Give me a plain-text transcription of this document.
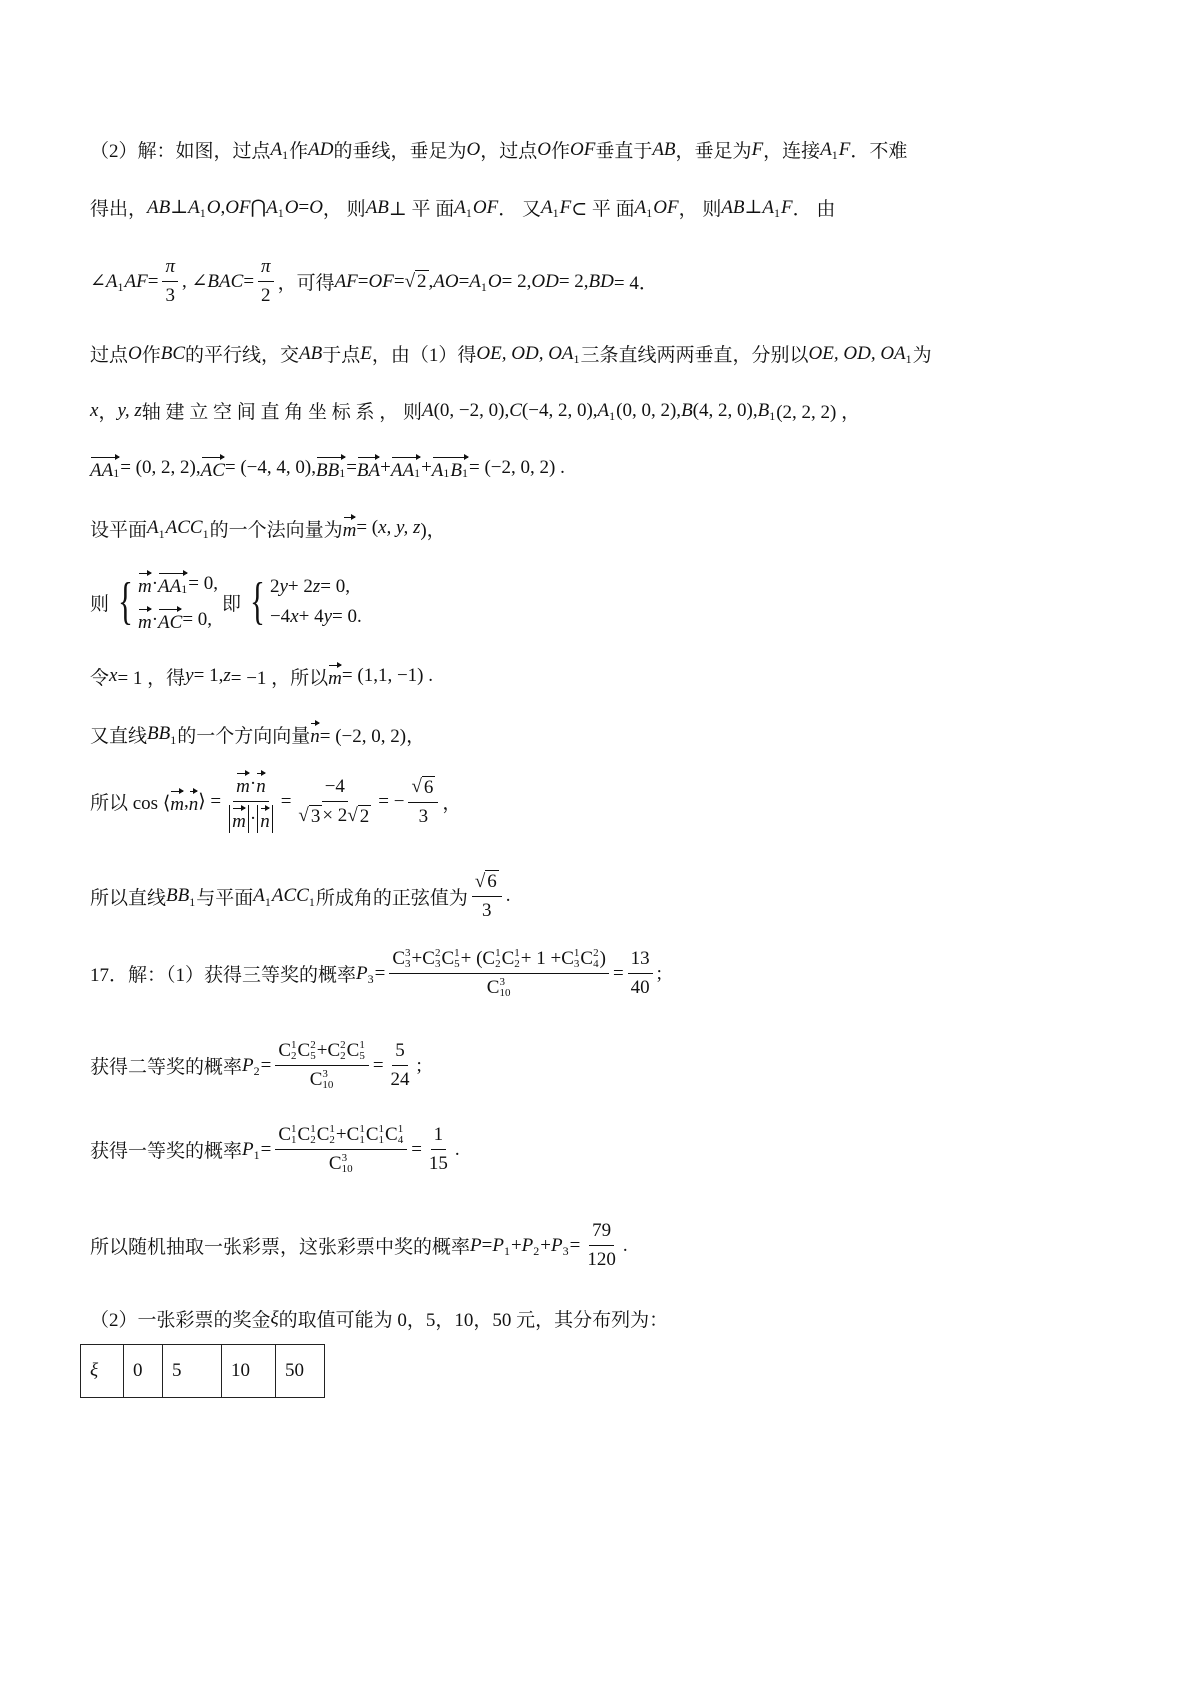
（2）解：如图，过点 A 1 作 AD 的垂线，垂足为 O ，过点 O 作 OF 垂直于 AB ，垂足为 F ，连接 A 1 F ．不难
得出， AB ⊥ A 1 O , OF ⋂ A 1 O = O ， 则 AB ⊥ 平 面 A 1 OF ． 又 A 1 F ⊂ 平 面 A 1 OF ， 则 AB ⊥ A 1 F ． 由
∠ A 1 AF = $\frac{\pi}{3}$ , ∠ BAC = $\frac{\pi}{2}$ ，可得 AF = OF = √ 2 , AO = A 1 O = 2, OD = 2, BD = 4．
过点 O 作 BC 的平行线，交 AB 于点 E ，由（1）得 OE, OD, OA 1 三条直线两两垂直，分别以 OE, OD, OA 1 为
x ， y, z 轴 建 立 空 间 直 角 坐 标 系 ， 则 A (0, −2, 0), C (−4, 2, 0), A 1 (0, 0, 2), B (4, 2, 0), B 1 (2, 2, 2) ，
AA 1 = (0, 2, 2), AC = (−4, 4, 0), BB 1 = BA + AA 1 + A 1 B 1 = (−2, 0, 2) .
设平面 A 1 ACC 1 的一个法向量为 m = ( x, y, z )，
则 { m · AA 1 = 0,
m · AC = 0,
即 { 2 y + 2 z = 0,
−4 x + 4 y = 0.
令 x = 1 ，得 y = 1, z = −1 ，所以 m = (1,1, −1) .
又直线 BB 1 的一个方向向量 n = (−2, 0, 2)，
所以 cos ⟨ m , n ⟩ = $\frac{m \cdot n}{m \cdot n} = \frac{-4}{√ 3 \times 2 √ 2}$ = − $\frac{√ 6}{3}$ ，
所以直线 BB 1 与平面 A 1 ACC 1 所成角的正弦值为 $\frac{√ 6}{3}$ .
17．解：（1）获得三等奖的概率 P 3 = C 3
3 + C 2
3 C 1
5 + ( C 1
2 C 1
2 + 1 + C 1
3 C 2
4 )
C 3
$10 = \frac{13}{40}$ ;
获得二等奖的概率 P 2 = C 1
2 C 2
5 + C 2
2 C 1
5
C 3
$10 = \frac{5}{24}$ ;
获得一等奖的概率 P 1 = C 1
1 C 1
2 C 1
2 + C 1
1 C 1
1 C 1
4
C 3
$10 = \frac{1}{15}$ .
所以随机抽取一张彩票，这张彩票中奖的概率 P = P 1 + P 2 + P $3 = \frac{79}{120}$ .
（2）一张彩票的奖金 ξ 的取值可能为 0，5，10，50 元，其分布列为：
ξ	0	5	10	50
